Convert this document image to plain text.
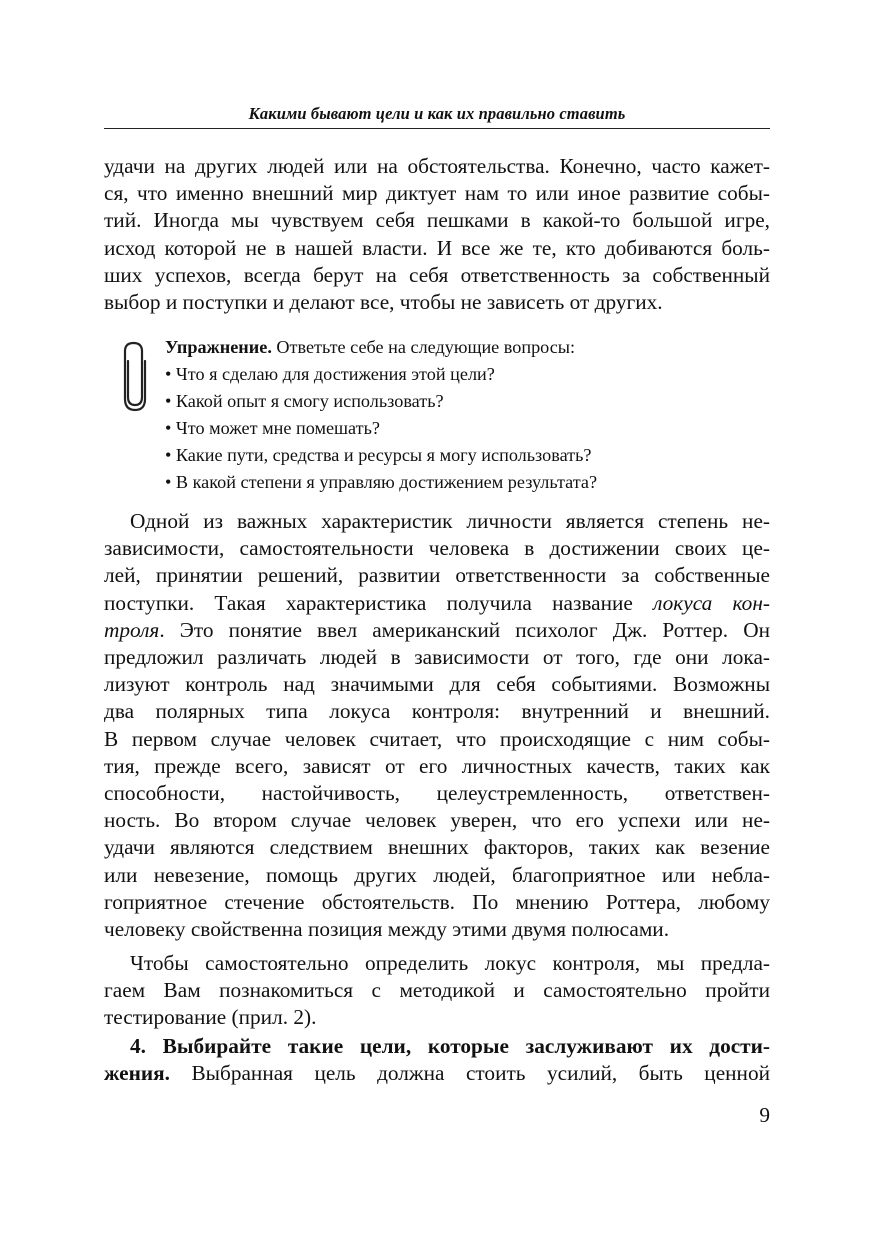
Какими бывают цели и как их правильно ставить
удачи на других людей или на обстоятельства. Конечно, часто кажет-
ся, что именно внешний мир диктует нам то или иное развитие собы-
тий. Иногда мы чувствуем себя пешками в какой-то большой игре,
исход которой не в нашей власти. И все же те, кто добиваются боль-
ших успехов, всегда берут на себя ответственность за собственный
выбор и поступки и делают все, чтобы не зависеть от других.
Упражнение. Ответьте себе на следующие вопросы:
• Что я сделаю для достижения этой цели?
• Какой опыт я смогу использовать?
• Что может мне помешать?
• Какие пути, средства и ресурсы я могу использовать?
• В какой степени я управляю достижением результата?
Одной из важных характеристик личности является степень не-
зависимости, самостоятельности человека в достижении своих це-
лей, принятии решений, развитии ответственности за собственные
поступки. Такая характеристика получила название локуса кон-
троля. Это понятие ввел американский психолог Дж. Роттер. Он
предложил различать людей в зависимости от того, где они лока-
лизуют контроль над значимыми для себя событиями. Возможны
два полярных типа локуса контроля: внутренний и внешний.
В первом случае человек считает, что происходящие с ним собы-
тия, прежде всего, зависят от его личностных качеств, таких как
способности, настойчивость, целеустремленность, ответствен-
ность. Во втором случае человек уверен, что его успехи или не-
удачи являются следствием внешних факторов, таких как везение
или невезение, помощь других людей, благоприятное или небла-
гоприятное стечение обстоятельств. По мнению Роттера, любому
человеку свойственна позиция между этими двумя полюсами.
Чтобы самостоятельно определить локус контроля, мы предла-
гаем Вам познакомиться с методикой и самостоятельно пройти
тестирование (прил. 2).
4. Выбирайте такие цели, которые заслуживают их дости-
жения. Выбранная цель должна стоить усилий, быть ценной
9
